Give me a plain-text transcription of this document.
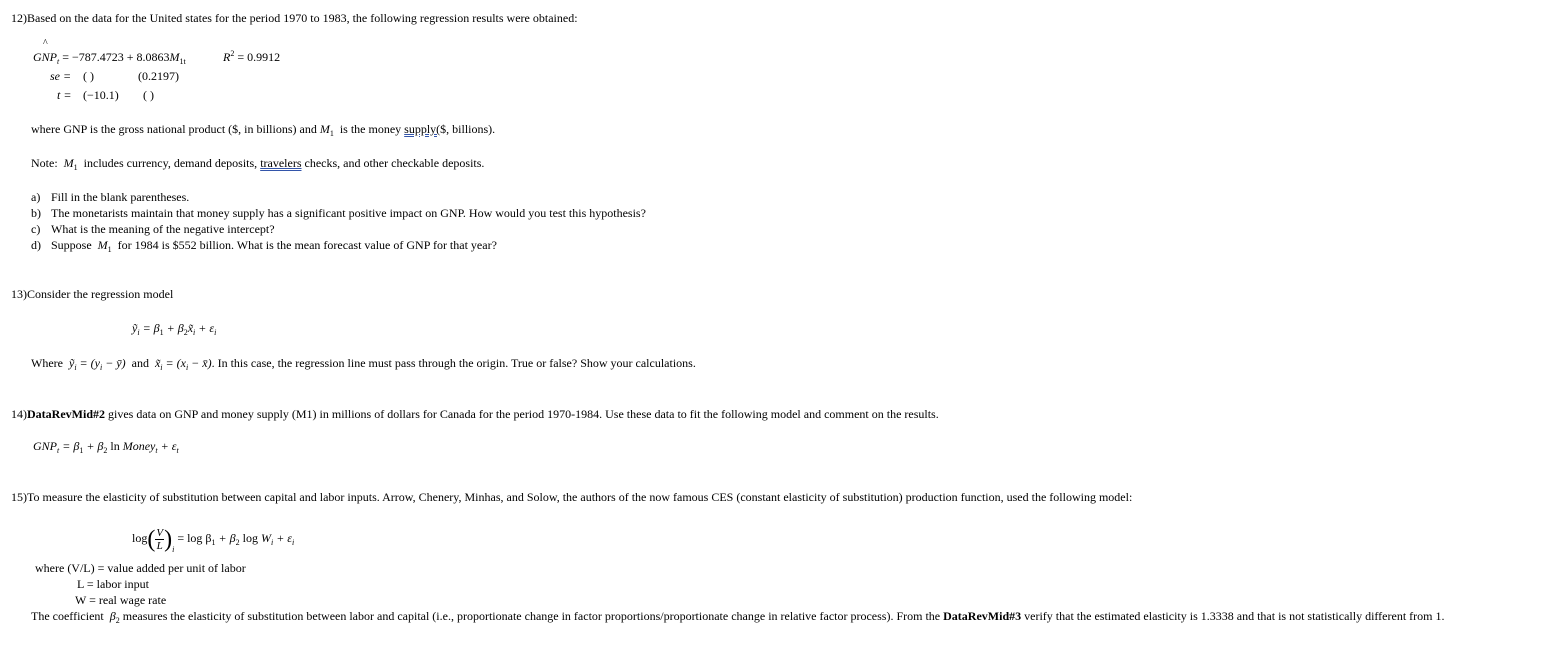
12)Based on the data for the United states for the period 1970 to 1983, the following regression results were obtained:
^
$GNP_t = -787.4723 + 8.0863M_{1t}$	$R^2 = 0.9912$
se = ( )	(0.2197)
t = (−10.1) ( )
where GNP is the gross national product ($, in billions) and $M_1$ is the money supply($, billions).
Note: $M_1$ includes currency, demand deposits, travelers checks, and other checkable deposits.
a) Fill in the blank parentheses.
b) The monetarists maintain that money supply has a significant positive impact on GNP. How would you test this hypothesis?
c) What is the meaning of the negative intercept?
d) Suppose $M_1$ for 1984 is $552 billion. What is the mean forecast value of GNP for that year?
13)Consider the regression model
ỹ$_i$ = $\beta_1$ + $\beta_2x̃_i + \varepsilon_i$
Where ỹ$_i$ = ($y_i$ − ȳ) and $x̃_i = (x_i$ − x̄). In this case, the regression line must pass through the origin. True or false? Show your calculations.
14)DataRevMid#2 gives data on GNP and money supply (M1) in millions of dollars for Canada for the period 1970-1984. Use these data to fit the following model and comment on the results.
$GNP_t = \beta_1 + \beta_2$ ln Money$_t$ + $\varepsilon_t$
15)To measure the elasticity of substitution between capital and labor inputs. Arrow, Chenery, Minhas, and Solow, the authors of the now famous CES (constant elasticity of substitution) production function, used the following model:
$\log( \frac{V}{L} )_i = \log \beta_1 + \beta_2$ $\log W_i + \varepsilon_i$
where (V/L) = value added per unit of labor
L = labor input
W = real wage rate
The coefficient $\beta_2$ measures the elasticity of substitution between labor and capital (i.e., proportionate change in factor proportions/proportionate change in relative factor process). From the DataRevMid#3 verify that the estimated elasticity is 1.3338 and that is not statistically different from 1.
